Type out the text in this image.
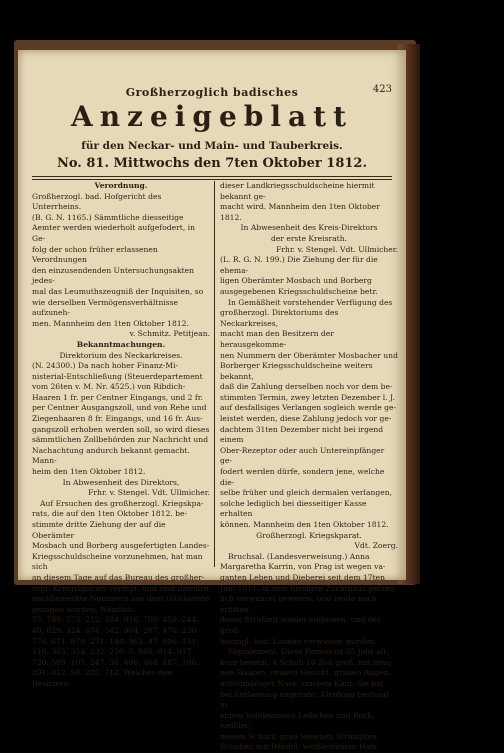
423
Großherzoglich badisches
Anzeigeblatt
für den Neckar- und Main- und Tauberkreis.
No. 81. Mittwochs den 7ten Oktober 1812.

Verordnung.

Großherzogl. bad. Hofgericht des Unterrheins.

(B. G. N. 1165.) Sämmtliche diesseitige

Aemter werden wiederholt aufgefodert, in Ge-

folg der schon früher erlassenen Verordnungen

den einzusendenden Untersuchungsakten jedes-

mal das Leumuthszeugniß der Inquisiten, so

wie derselben Vermögensverhältnisse aufzuneh-

men. Mannheim den 1ten Oktober 1812.

v. Schmitz. Petitjean.

Bekanntmachungen.

Direktorium des Neckarkreises.

(N. 24300.) Da nach hoher Finanz-Mi-

nisterial-Entschließung (Steuerdepartement

vom 26ten v. M. Nr. 4525.) von Ribdich-

Haaren 1 fr. per Centner Eingangs, und 2 fr.

per Centner Ausgangszoll, und von Rehe und

Ziegenhaaren 8 fr. Eingangs, und 16 fr. Aus-

gangszoll erhoben werden soll, so wird dieses

sämmtlichen Zollbehörden zur Nachricht und

Nachachtung andurch bekannt gemacht. Mann-

heim den 1ten Oktober 1812.

In Abwesenheit des Direktors,

Frhr. v. Stengel. Vdt. Ullmicher.

Auf Ersuchen des großherzogl. Kriegskpa-

rats, die auf den 1ten Oktober 1812. be-

stimmte dritte Ziehung der auf die Oberämter

Mosbach und Borberg ausgefertigten Landes-

Kriegsschuldscheine vorzunehmen, hat man sich

an diesem Tage auf das Bureau des großher-

zogl. Kriegskparats verfügt, und sind daselbst

nachbemerkte Nummern aus dem Glücksrade

gezogen worden. Nämlich:

75. 789. 573. 252. 384. 916. 700. 459. 244.

40. 829. 324. 674. 562. 964. 207. 476. 230.

776. 671. 879. 271. 140. 963. 97. 806. 151.

116. 365. 354. 232. 250. 5. 868. 814. 917.

720. 589. 107. 247. 36. 486. 468. 187. 196.

891. 412. 58. 205. 712. Welches den Besitzern

dieser Landkriegsschuldscheine hiermit bekannt ge-

macht wird. Mannheim den 1ten Oktober 1812.

In Abwesenheit des Kreis-Direktors

der erste Kreisrath.

Frhr. v. Stengel. Vdt. Ullmicher.

(L. R. G. N. 199.) Die Ziehung der für die ehema-

ligen Oberämter Mosbach und Borberg

ausgegebenen Kriegsschuldscheine betr.

In Gemäßheit vorstehender Verfügung des

großherzogl. Direktoriums des Neckarkreises,

macht man den Besitzern der herausgekomme-

nen Nummern der Oberämter Mosbacher und

Borberger Kriegsschuldscheine weiters bekannt,

daß die Zahlung derselben noch vor dem be-

stimmten Termin, zwey letzten Dezember l. J.

auf desfallsiges Verlangen sogleich werde ge-

leistet werden, diese Zahlung jedoch vor ge-

dachtem 31ten Dezember nicht bei irgend einem

Ober-Rezeptor oder auch Untereinpfänger ge-

fodert werden dürfe, sondern jene, welche die-

selbe früher und gleich dermalen verlangen,

solche lediglich bei diesseitiger Kasse erhalten

können. Mannheim den 1ten Oktober 1812.

Großherzogl. Kriegskparat.

Vdt. Zoerg.

Bruchsal. (Landesverweisung.) Anna

Margaretha Karrin, von Prag ist wegen va-

ganten Leben und Dieberei seit dem 17ten

Juni 1811. in dem hiesigen Zuchthaus gefäng-

lich verwahret gewesen, und heute nach erlitten-

dener Strafzeit wieder entlassen, und der groß-

herzogl. bad. Landen verwiesen worden.

Signalement. Diese Person ist 55 Jahr alt,

kurz besetzt, 4 Schuh 10 Zoll groß, mit brau-

nen Haaren, ovalem Gesicht, grauen Augen,

mittelmäßiger Nase, rundem Kinn. Sie hat

bei Entlassung angehabt: Kleidung bestund in

einem halbleinenen Leibchen und Rock, weißlei-

nenem Schurz, grau leinenen Strümpfen,

Schuhen mit Bändel, weißleinenem Hals-
